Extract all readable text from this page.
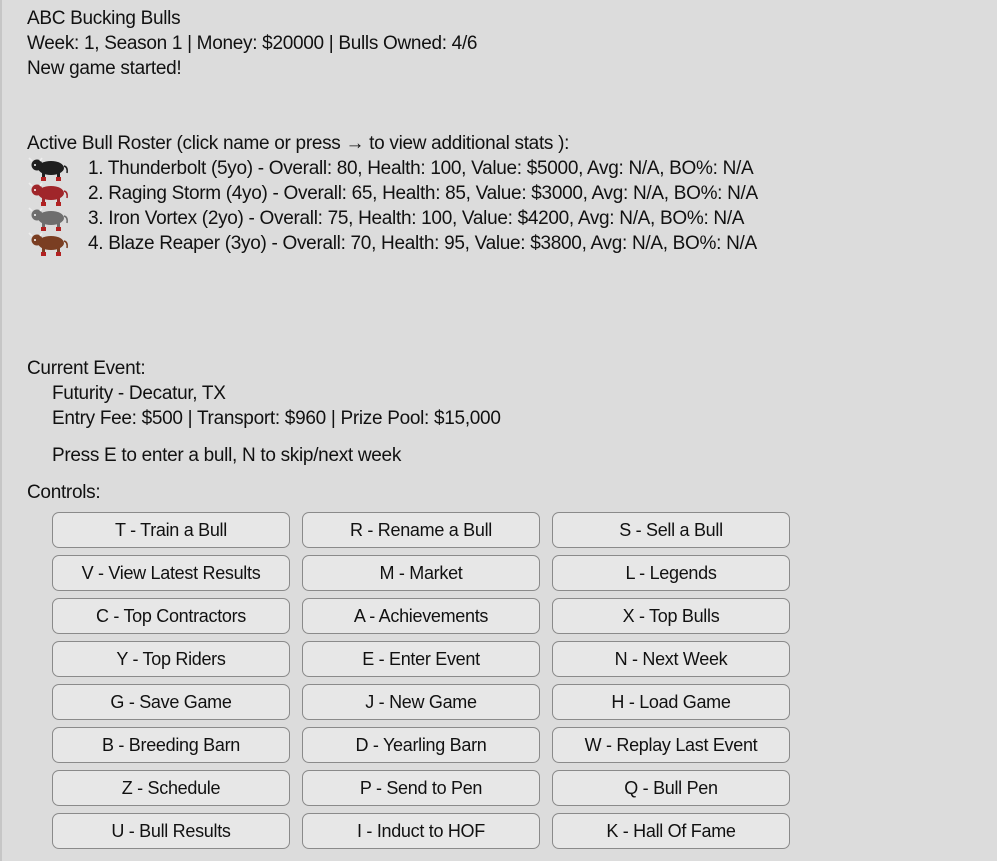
ABC Bucking Bulls
Week: 1, Season 1 | Money: $20000 | Bulls Owned: 4/6
New game started!
Active Bull Roster (click name or press → to view additional stats ):
1. Thunderbolt (5yo) - Overall: 80, Health: 100, Value: $5000, Avg: N/A, BO%: N/A
2. Raging Storm (4yo) - Overall: 65, Health: 85, Value: $3000, Avg: N/A, BO%: N/A
3. Iron Vortex (2yo) - Overall: 75, Health: 100, Value: $4200, Avg: N/A, BO%: N/A
4. Blaze Reaper (3yo) - Overall: 70, Health: 95, Value: $3800, Avg: N/A, BO%: N/A
Current Event:
Futurity - Decatur, TX
Entry Fee: $500 | Transport: $960 | Prize Pool: $15,000
Press E to enter a bull, N to skip/next week
Controls:
T - Train a Bull	R - Rename a Bull	S - Sell a Bull
V - View Latest Results	M - Market	L - Legends
C - Top Contractors	A - Achievements	X - Top Bulls
Y - Top Riders	E - Enter Event	N - Next Week
G - Save Game	J - New Game	H - Load Game
B - Breeding Barn	D - Yearling Barn	W - Replay Last Event
Z - Schedule	P - Send to Pen	Q - Bull Pen
U - Bull Results	I - Induct to HOF	K - Hall Of Fame
